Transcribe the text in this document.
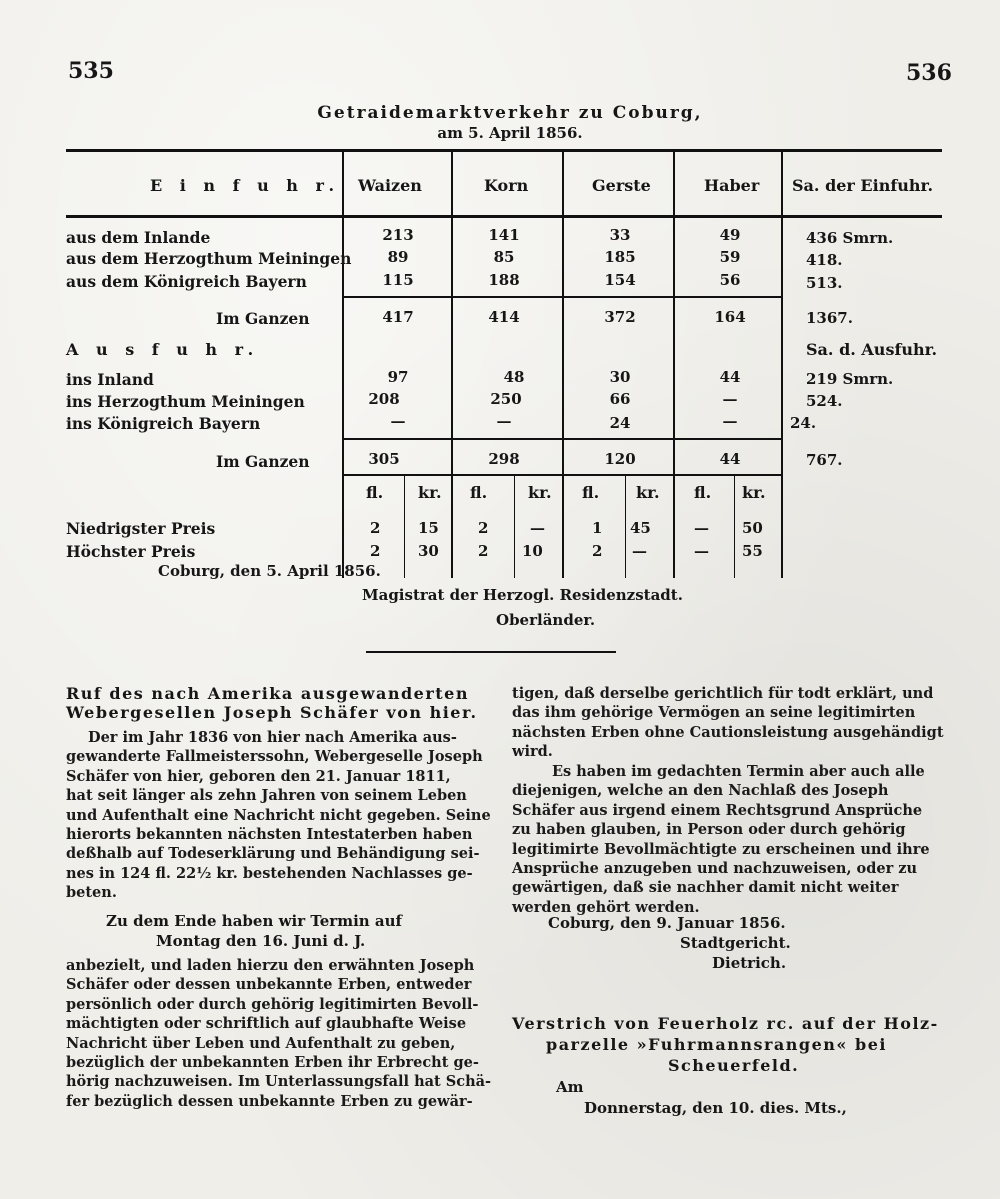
535	536
Getraidemarktverkehr zu Coburg,
am 5. April 1856.
E i n f u h r. Waizen	Korn	Gerste	Haber Sa. der Einfuhr.
aus dem Inlande	213	141	33	49	436 Smrn.
aus dem Herzogthum Meiningen	89	85	185	59	418.
aus dem Königreich Bayern	115	188	154	56	513.
Im Ganzen	417	414	372	164	1367.
A u s f u h r.	Sa. d. Ausfuhr.
ins Inland	97	48	30	44	219 Smrn.
ins Herzogthum Meiningen	208	250	66	—	524.
ins Königreich Bayern	—	—	24	—	24.
Im Ganzen	305	298	120	44	767.
fl. kr. fl.	kr. fl. kr. fl. kr.
Niedrigster Preis	2	15	2	—	1 45	— 50
Höchster Preis	2	30	2 10	2 —	— 55
Coburg, den 5. April 1856.
Magistrat der Herzogl. Residenzstadt.
Oberländer.
Ruf des nach Amerika ausgewanderten
Webergesellen Joseph Schäfer von hier.

Der im Jahr 1836 von hier nach Amerika aus-

gewanderte Fallmeisterssohn, Webergeselle Joseph

Schäfer von hier, geboren den 21. Januar 1811,

hat seit länger als zehn Jahren von seinem Leben

und Aufenthalt eine Nachricht nicht gegeben. Seine

hierorts bekannten nächsten Intestaterben haben

deßhalb auf Todeserklärung und Behändigung sei-

nes in 124 fl. 22½ kr. bestehenden Nachlasses ge-

beten.

Zu dem Ende haben wir Termin auf
Montag den 16. Juni d. J.

anbezielt, und laden hierzu den erwähnten Joseph

Schäfer oder dessen unbekannte Erben, entweder

persönlich oder durch gehörig legitimirten Bevoll-

mächtigten oder schriftlich auf glaubhafte Weise

Nachricht über Leben und Aufenthalt zu geben,

bezüglich der unbekannten Erben ihr Erbrecht ge-

hörig nachzuweisen. Im Unterlassungsfall hat Schä-

fer bezüglich dessen unbekannte Erben zu gewär-

tigen, daß derselbe gerichtlich für todt erklärt, und

das ihm gehörige Vermögen an seine legitimirten

nächsten Erben ohne Cautionsleistung ausgehändigt

wird.

Es haben im gedachten Termin aber auch alle

diejenigen, welche an den Nachlaß des Joseph

Schäfer aus irgend einem Rechtsgrund Ansprüche

zu haben glauben, in Person oder durch gehörig

legitimirte Bevollmächtigte zu erscheinen und ihre

Ansprüche anzugeben und nachzuweisen, oder zu

gewärtigen, daß sie nachher damit nicht weiter

werden gehört werden.

Coburg, den 9. Januar 1856.
Stadtgericht.
Dietrich.
Verstrich von Feuerholz rc. auf der Holz-
parzelle »Fuhrmannsrangen« bei
Scheuerfeld.
Am
Donnerstag, den 10. dies. Mts.,
